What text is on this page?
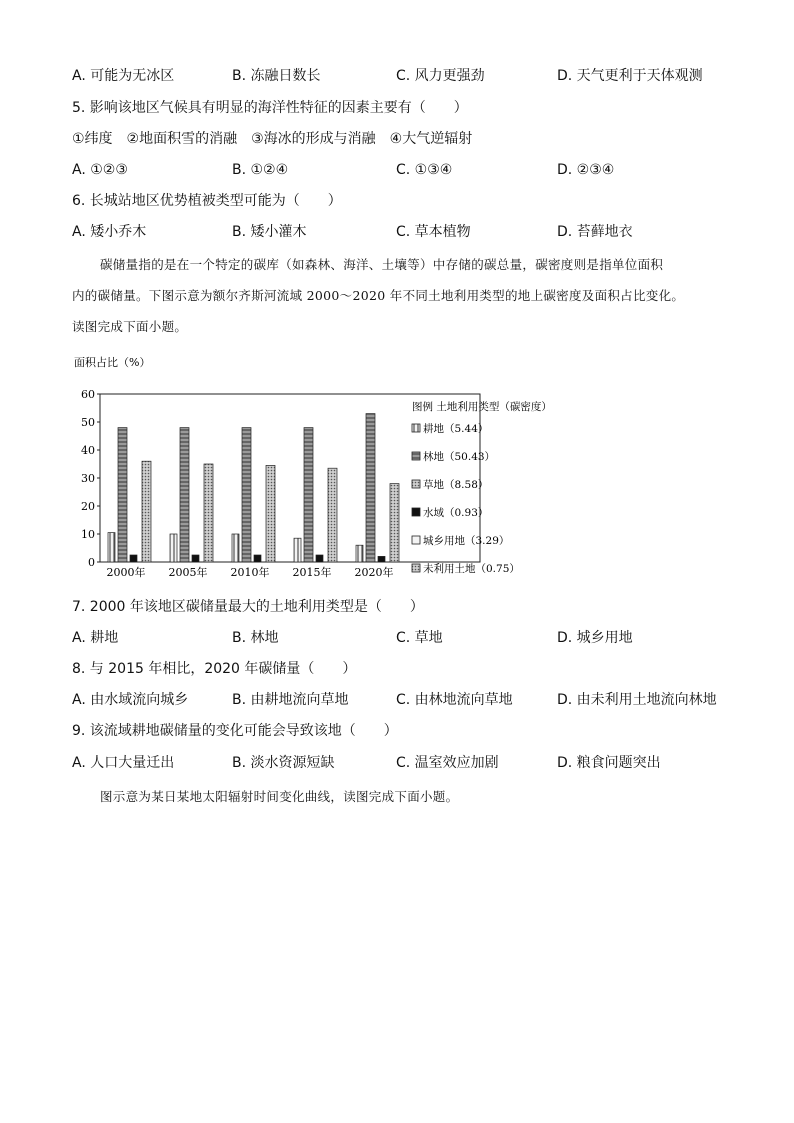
A. 可能为无冰区	B. 冻融日数长	C. 风力更强劲	D. 天气更利于天体观测
5. 影响该地区气候具有明显的海洋性特征的因素主要有（　　）
①纬度　②地面积雪的消融　③海冰的形成与消融　④大气逆辐射
A. ①②③	B. ①②④	C. ①③④	D. ②③④
6. 长城站地区优势植被类型可能为（　　）
A. 矮小乔木	B. 矮小灌木	C. 草本植物	D. 苔藓地衣
碳储量指的是在一个特定的碳库（如森林、海洋、土壤等）中存储的碳总量，碳密度则是指单位面积
内的碳储量。下图示意为额尔齐斯河流域 2000～2020 年不同土地利用类型的地上碳密度及面积占比变化。
读图完成下面小题。
面积占比（%）
0
10
20
30
40
50
60
2000年 2005年 2010年 2015年 2020年
图例 土地利用类型（碳密度）
耕地（5.44）
林地（50.43）
草地（8.58）
水域（0.93）
城乡用地（3.29）
未利用土地（0.75）
7. 2000 年该地区碳储量最大的土地利用类型是（　　）
A. 耕地	B. 林地	C. 草地	D. 城乡用地
8. 与 2015 年相比，2020 年碳储量（　　）
A. 由水域流向城乡	B. 由耕地流向草地	C. 由林地流向草地	D. 由未利用土地流向林地
9. 该流域耕地碳储量的变化可能会导致该地（　　）
A. 人口大量迁出	B. 淡水资源短缺	C. 温室效应加剧	D. 粮食问题突出
图示意为某日某地太阳辐射时间变化曲线，读图完成下面小题。
